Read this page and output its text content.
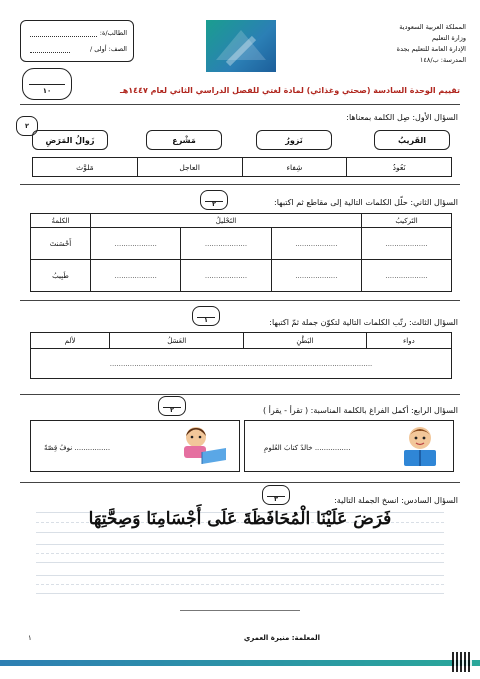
المملكة العربية السعودية
وزارة التعليم
الإدارة العامة للتعليم بجدة
المدرسة: ب/١٤٨
الطالب/ة:
الصف: أولى /
١٠	تقييم الوحدة السادسة (صحتي وغذائي) لمادة لغتي للفصل الدراسي الثاني لعام ١٤٤٧هـ
٢
السؤال الأول: صِل الكلمة بمعناها:
القَريبُ
نَزورُ
مَشْرع
زَوالُ المَرَضِ
نَعُودُ
شِفاء
العاجل
مَلوَّث
السؤال الثاني: حلّل الكلمات التالية إلى مقاطع ثم اكتبها:
٢
التَركيبُ	التَحْليلُ			الكلمةُ
...................	...................	...................	...................	أَحْسَنتَ
...................	...................	...................	...................	طَبِيبُ
السؤال الثالث: رتّب الكلمات التالية لتكوّن جملة ثمّ اكتبها:
١
دواء	البَطْنِ	العَسَلُ	لألم
......................................................................................................................
السؤال الرابع: أكمل الفراغ بالكلمة المناسبة: ( تقرأ - يقرأ )
٢
................ خالدٌ كتابَ العُلومِ
................ نوفُ قِصّةً
السؤال السادس: انسخ الجملة التالية:
٣
فَرَضَ عَلَيْنَا الْمُحَافَظَةَ عَلَى أَجْسَامِنَا وَصِحَّتِهَا
المعلمة: منيرة العمري
١
